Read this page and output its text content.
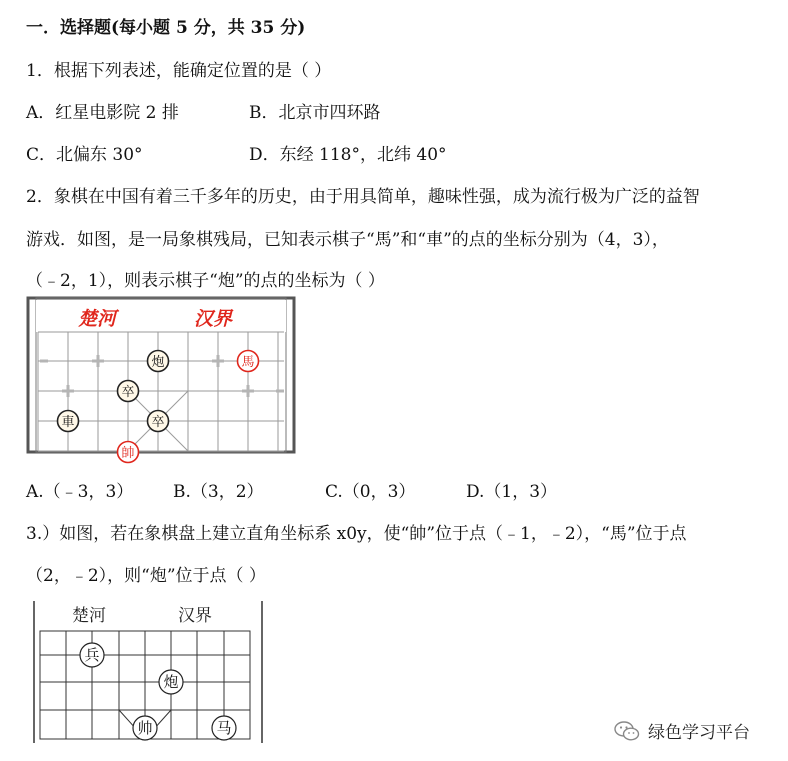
一．选择题(每小题 5 分，共 35 分)
1．根据下列表述，能确定位置的是（ ）
A．红星电影院 2 排	B．北京市四环路
C．北偏东 30°	D．东经 118°，北纬 40°
2．象棋在中国有着三千多年的历史，由于用具简单，趣味性强，成为流行极为广泛的益智
游戏．如图，是一局象棋残局，已知表示棋子“馬”和“車”的点的坐标分别为（4，3），
（﹣2，1），则表示棋子“炮”的点的坐标为（ ）
楚河	汉界
炮	馬
卒
卒
車
帥
A.（﹣3，3） B.（3，2）	C.（0，3）	D.（1，3）
3.）如图，若在象棋盘上建立直角坐标系 x0y，使“帥”位于点（﹣1，﹣2），“馬”位于点
（2，﹣2），则“炮”位于点（ ）
楚河	汉界
兵
炮
帅	马	绿色学习平台
